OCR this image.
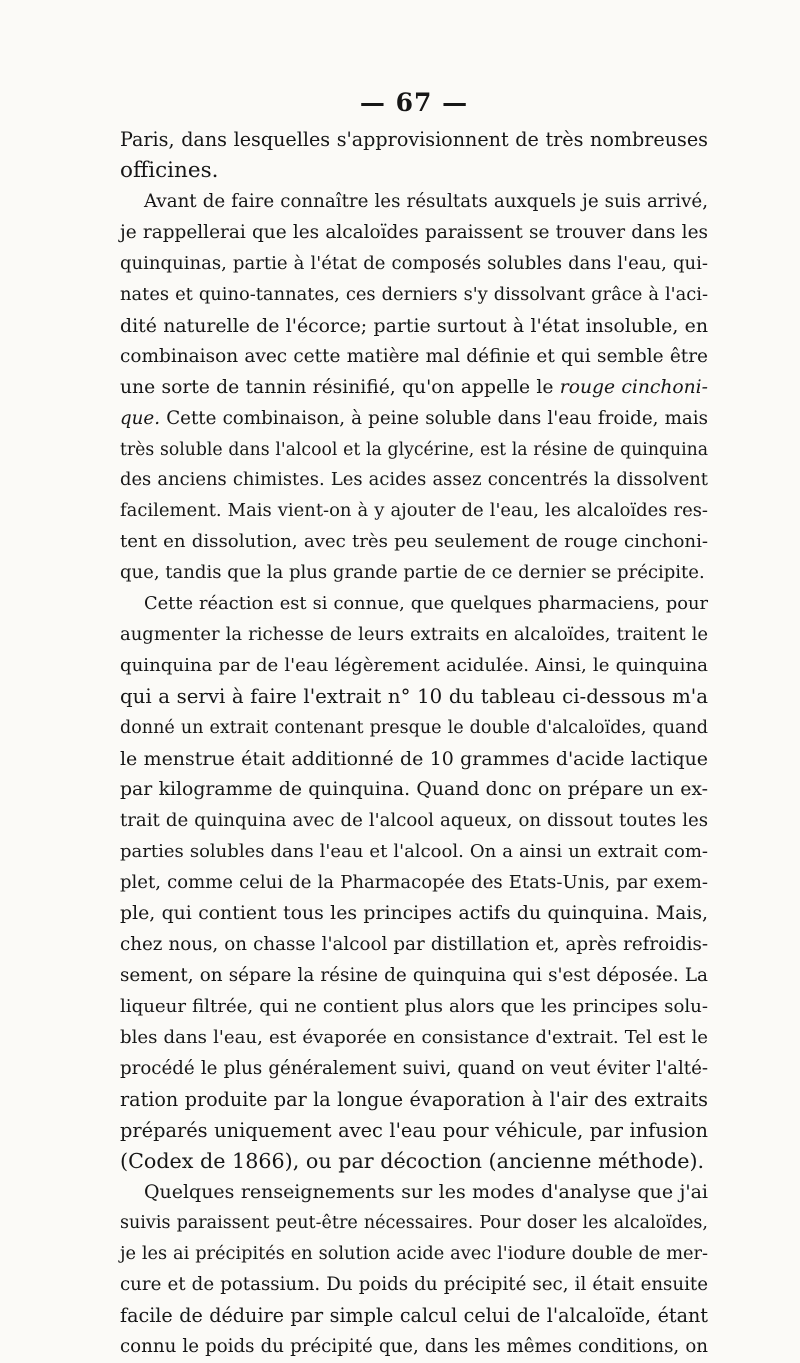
— 67 —
Paris, dans lesquelles s'approvisionnent de très nombreuses
officines.
Avant de faire connaître les résultats auxquels je suis arrivé,
je rappellerai que les alcaloïdes paraissent se trouver dans les
quinquinas, partie à l'état de composés solubles dans l'eau, qui-
nates et quino-tannates, ces derniers s'y dissolvant grâce à l'aci-
dité naturelle de l'écorce; partie surtout à l'état insoluble, en
combinaison avec cette matière mal définie et qui semble être
une sorte de tannin résinifié, qu'on appelle le rouge cinchoni-
que. Cette combinaison, à peine soluble dans l'eau froide, mais
très soluble dans l'alcool et la glycérine, est la résine de quinquina
des anciens chimistes. Les acides assez concentrés la dissolvent
facilement. Mais vient-on à y ajouter de l'eau, les alcaloïdes res-
tent en dissolution, avec très peu seulement de rouge cinchoni-
que, tandis que la plus grande partie de ce dernier se précipite.
Cette réaction est si connue, que quelques pharmaciens, pour
augmenter la richesse de leurs extraits en alcaloïdes, traitent le
quinquina par de l'eau légèrement acidulée. Ainsi, le quinquina
qui a servi à faire l'extrait n° 10 du tableau ci-dessous m'a
donné un extrait contenant presque le double d'alcaloïdes, quand
le menstrue était additionné de 10 grammes d'acide lactique
par kilogramme de quinquina. Quand donc on prépare un ex-
trait de quinquina avec de l'alcool aqueux, on dissout toutes les
parties solubles dans l'eau et l'alcool. On a ainsi un extrait com-
plet, comme celui de la Pharmacopée des Etats-Unis, par exem-
ple, qui contient tous les principes actifs du quinquina. Mais,
chez nous, on chasse l'alcool par distillation et, après refroidis-
sement, on sépare la résine de quinquina qui s'est déposée. La
liqueur filtrée, qui ne contient plus alors que les principes solu-
bles dans l'eau, est évaporée en consistance d'extrait. Tel est le
procédé le plus généralement suivi, quand on veut éviter l'alté-
ration produite par la longue évaporation à l'air des extraits
préparés uniquement avec l'eau pour véhicule, par infusion
(Codex de 1866), ou par décoction (ancienne méthode).
Quelques renseignements sur les modes d'analyse que j'ai
suivis paraissent peut-être nécessaires. Pour doser les alcaloïdes,
je les ai précipités en solution acide avec l'iodure double de mer-
cure et de potassium. Du poids du précipité sec, il était ensuite
facile de déduire par simple calcul celui de l'alcaloïde, étant
connu le poids du précipité que, dans les mêmes conditions, on
